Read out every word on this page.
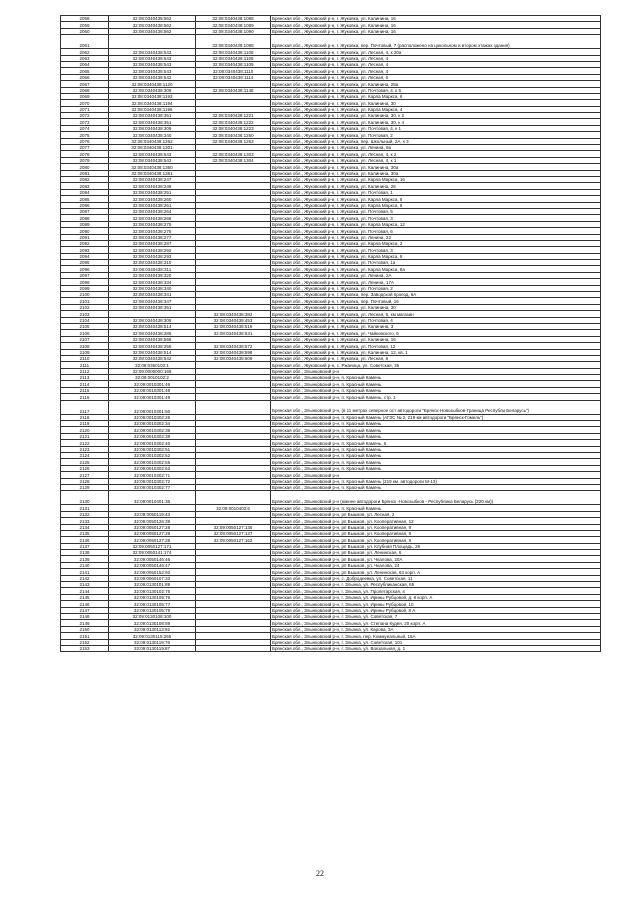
2058	32:08:0340438:562	32:08:0340438:1088	Брянская обл., Жуковский р-н, г. Жуковка, ул. Калинина, 16
2059	32:08:0340438:562	32:08:0340438:1089	Брянская обл., Жуковский р-н, г. Жуковка, ул. Калинина, 16
2060	32:08:0340438:562	32:08:0340438:1090	Брянская обл., Жуковский р-н, г. Жуковка, ул. Калинина, 16
2061		32:08:0340438:1098	Брянская обл., Жуковский р-н, г. Жуковка, пер. Почтовый, 7 (расположено на цокольном и втором этажах здания)
2062	32:08:0340438:543	32:08:0340438:1108	Брянская обл., Жуковский р-н, г. Жуковка, ул. Лесная, 4, к 20а
2063	32:08:0340438:543	32:08:0340438:1108	Брянская обл., Жуковский р-н, г. Жуковка, ул. Лесная, 4
2064	32:08:0340438:543	32:08:0340438:1109	Брянская обл., Жуковский р-н, г. Жуковка, ул. Лесная, 4
2065	32:08:0340438:543	32:08:0340438:1110	Брянская обл., Жуковский р-н, г. Жуковка, ул. Лесная, 4
2066	32:08:0340438:542	32:08:0340438:1114	Брянская обл., Жуковский р-н, г. Жуковка, ул. Лесная, 6
2067	32:08:0340438:1120		Брянская обл., Жуковский р-н, г. Жуковка, ул. Калинина, 28а
2068	32:08:0340438:309	32:08:0340438:1148	Брянская обл., Жуковский р-н, г. Жуковка, ул. Почтовая, 4, к 5
2069	32:08:0340438:1193		Брянская обл., Жуковский р-н, г. Жуковка, ул. Карла Маркса, 6
2070	32:08:0340438:1194		Брянская обл., Жуковский р-н, г. Жуковка, ул. Калинина, 30
2071	32:08:0340438:1196		Брянская обл., Жуковский р-н, г. Жуковка, ул. Карла Маркса, 4
2072	32:08:0340438:351	32:08:0340438:1221	Брянская обл., Жуковский р-н, г. Жуковка, ул. Калинина, 30, к 2
2073	32:08:0340438:351	32:08:0340438:1222	Брянская обл., Жуковский р-н, г. Жуковка, ул. Калинина, 30, к 4
2074	32:08:0340438:309	32:08:0340438:1223	Брянская обл., Жуковский р-н, г. Жуковка, ул. Почтовая, 4, к 1
2075	32:08:0340438:340	32:08:0340438:1260	Брянская обл., Жуковский р-н, г. Жуковка, ул. Почтовая, 2
2076	32:08:0340438:1262	32:08:0340438:1263	Брянская обл., Жуковский р-н, г. Жуковка, пер. Школьный, 2А, к 3
2077	32:08:0340438:1301		Брянская обл., Жуковский р-н, г. Жуковка, ул. Ленина, 9а
2078	32:08:0340438:543	32:08:0340438:1303	Брянская обл., Жуковский р-н, г. Жуковка, ул. Лесная, 4, к 2
2079	32:08:0340438:543	32:08:0340438:1304	Брянская обл., Жуковский р-н, г. Жуковка, ул. Лесная, 4, к 1
2080	32:08:0340438:1360		Брянская обл., Жуковский р-н, г. Жуковка, ул. Калинина, 30а
2081	32:08:0340438:1361		Брянская обл., Жуковский р-н, г. Жуковка, ул. Калинина, 30а
2082	32:08:0340438:247		Брянская обл., Жуковский р-н, г. Жуковка, ул. Карла Маркса, 16
2083	32:08:0340438:248		Брянская обл., Жуковский р-н, г. Жуковка, ул. Калинина, 26
2084	32:08:0340438:251		Брянская обл., Жуковский р-н, г. Жуковка, ул. Почтовая, 1
2085	32:08:0340438:260		Брянская обл., Жуковский р-н, г. Жуковка, ул. Карла Маркса, 8
2086	32:08:0340438:261		Брянская обл., Жуковский р-н, г. Жуковка, ул. Карла Маркса, 8
2087	32:08:0340438:264		Брянская обл., Жуковский р-н, г. Жуковка, ул. Почтовая, 5
2088	32:08:0340438:266		Брянская обл., Жуковский р-н, г. Жуковка, ул. Почтовая, 3
2089	32:08:0340438:275		Брянская обл., Жуковский р-н, г. Жуковка, ул. Карла Маркса, 12
2090	32:08:0340438:276		Брянская обл., Жуковский р-н, г. Жуковка, ул. Почтовая, 6
2091	32:08:0340438:277		Брянская обл., Жуковский р-н, г. Жуковка, ул. Ленина, 22
2092	32:08:0340438:287		Брянская обл., Жуковский р-н, г. Жуковка, ул. Карла Маркса, 2
2093	32:08:0340438:292		Брянская обл., Жуковский р-н, г. Жуковка, ул. Почтовая, 3
2094	32:08:0340438:293		Брянская обл., Жуковский р-н, г. Жуковка, ул. Карла Маркса, 8
2095	32:08:0340438:310		Брянская обл., Жуковский р-н, г. Жуковка, ул. Почтовая, 1а
2096	32:08:0340438:311		Брянская обл., Жуковский р-н, г. Жуковка, ул. Карла Маркса, 8а
2097	32:08:0340438:320		Брянская обл., Жуковский р-н, г. Жуковка, ул. Ленина, 2А
2098	32:08:0340438:334		Брянская обл., Жуковский р-н, г. Жуковка, ул. Ленина, 17А
2099	32:08:0340438:340		Брянская обл., Жуковский р-н, г. Жуковка, ул. Почтовая, 2
2100	32:08:0340438:341		Брянская обл., Жуковский р-н, г. Жуковка, пер. Заводской проезд, 6А
2101	32:08:0340438:347		Брянская обл., Жуковский р-н, г. Жуковка, пер. Почтовый, 16
2102	32:08:0340438:351		Брянская обл., Жуковский р-н, г. Жуковка, ул. Калинина, 30
2103		32:08:0340438:382	Брянская обл., Жуковский р-н, г. Жуковка, ул. Лесная, 6, км магазин
2104	32:08:0340438:309	32:08:0340438:453	Брянская обл., Жуковский р-н, г. Жуковка, ул. Почтовая, 4
2105	32:08:0340438:514	32:08:0340438:519	Брянская обл., Жуковский р-н, г. Жуковка, ул. Калинина, 3
2106	32:08:0340438:285	32:08:0340438:531	Брянская обл., Жуковский р-н, г. Жуковка, ул. Чайковского, 6
2107	32:08:0340438:568		Брянская обл., Жуковский р-н, г. Жуковка, ул. Калинина, 16
2108	32:08:0340438:256	32:08:0340438:572	Брянская обл., Жуковский р-н, г. Жуковка, ул. Почтовая, 12
2109	32:08:0340438:514	32:08:0340438:598	Брянская обл., Жуковский р-н, г. Жуковка, ул. Калинина, 12, кв. 1
2110	32:08:0340438:542	32:08:0340438:609	Брянская обл., Жуковский р-н, г. Жуковка, ул. Лесная, 6
2111	32:08:0360102:1		Брянская обл., Жуковский р-н, с. Ржаница, ул. Советская, 35
2112	32:09:0000000:169		Брянская обл., Злынковский р-н
2113	32:09:0010102:2		Брянская обл., Злынковский р-н, п. Красный Камень
2114	32:09:0010301:46		Брянская обл., Злынковский р-н, п. Красный Камень
2115	32:09:0010301:48		Брянская обл., Злынковский р-н, п. Красный Камень
2116	32:09:0010301:49		Брянская обл., Злынковский р-н, п. Красный Камень, стр. 1
2117	32:09:0010301:50		Брянская обл., Злынковский р-н, (в 11 метрах северное ост автодороги "Брянск-Новозыбков-Граница Республи Беларусь")
2118	32:09:0010302:26		Брянская обл., Злынковский р-н, п. Красный Камень (АГЗС № 2, 219 км автодороги "Брянск-Гомель")
2119	32:09:0010302:34		Брянская обл., Злынковский р-н, п. Красный Камень
2120	32:09:0010302:38		Брянская обл., Злынковский р-н, п. Красный Камень
2121	32:09:0010302:39		Брянская обл., Злынковский р-н, п. Красный Камень
2122	32:09:0010302:40		Брянская обл., Злынковский р-н, п. Красный Камень, 6
2123	32:09:0010302:51		Брянская обл., Злынковский р-н, п. Красный Камень
2124	32:09:0010302:52		Брянская обл., Злынковский р-н, п. Красный Камень
2125	32:09:0010302:55		Брянская обл., Злынковский р-н, п. Красный Камень
2126	32:09:0010302:63		Брянская обл., Злынковский р-н, п. Красный Камень
2127	32:09:0010302:71		Брянская обл., Злынковский р-н
2128	32:09:0010302:72		Брянская обл., Злынковский р-н, п. Красный Камень (219 км. автодороги М-13)
2129	32:09:0010302:77		Брянская обл., Злынковский р-н, п. Красный Камень
2130	32:09:0010401:36		Брянская обл., Злынковский р-н (южнее автодороги Брянск -Новозыбков - Республика Беларусь (220 км))
2131		32:09:0010403:6	Брянская обл., Злынковский р-н, п. Красный Камень
2132	32:09:0050119:43		Брянская обл., Злынковский р-н, рп Вышков, ул. Лесная, 2
2133	32:09:0050126:39		Брянская обл., Злынковский р-н, рп Вышков, ул. Кооперативная, 12
2134	32:09:0050127:28	32:09:0050127:135	Брянская обл., Злынковский р-н, рп Вышков, ул. Кооперативная, 9
2135	32:09:0050127:28	32:09:0050127:137	Брянская обл., Злынковский р-н, рп Вышков, ул. Кооперативная, 9
2136	32:09:0050127:28	32:09:0050127:162	Брянская обл., Злынковский р-н, рп Вышков, ул. Кооперативная, 9
2137	32:09:0050127:171		Брянская обл., Злынковский р-н, рп Вышков, ул. Клубная Площадь, 26
2138	32:09:0050141:174		Брянская обл., Злынковский р-н, рп Вышков, ул. Ленинская, 6
2139	32:09:0050146:46		Брянская обл., Злынковский р-н, рп Вышков, ул. Чкалова, 20А
2140	32:09:0050146:47		Брянская обл., Злынковский р-н, рп Вышков, ул. Чкалова, 24
2141	32:09:0050152:93		Брянская обл., Злынковский р-н, рп Вышков, ул. Ленинская, 63 корп. А
2142	32:09:0060107:33		Брянская обл., Злынковский р-н, с. Добродеевка, ул. Советская, 11
2143	32:09:0130101:89		Брянская обл., Злынковский р-н, г. Злынка, ул. Республиканская, 65
2144	32:09:0130102:75		Брянская обл., Злынковский р-н, г. Злынка, ул. Пролетарская, 4
2145	32:09:0130105:76		Брянская обл., Злынковский р-н, г. Злынка, ул. Ирины Рубцовой, д. 8 корп. А
2146	32:09:0130105:77		Брянская обл., Злынковский р-н, г. Злынка, ул. Ирины Рубцовой, 10
2147	32:09:0130105:79		Брянская обл., Злынковский р-н, г. Злынка, ул. Ирины Рубцовой, 8 А
2148	32:09:0130108:100		Брянская обл., Злынковский р-н, г. Злынка, ул. Советская, 7
2149	32:09:0130108:89		Брянская обл., Злынковский р-н, г. Злынка, ул. Степана Кудея, 20 корп. А
2150	32:09:0130113:92		Брянская обл., Злынковский р-н, г. Злынка, ул. Карова, 3А
2151	32:09:0130115:265		Брянская обл., Злынковский р-н, г. Злынка, пер. Коммунальный, 15А
2152	32:09:0130119:76		Брянская обл., Злынковский р-н, г. Злынка, ул. Советская, 101
2153	32:09:0130119:87		Брянская обл., Злынковский р-н, г. Злынка, ул. Вокзальная, д. 1
22
